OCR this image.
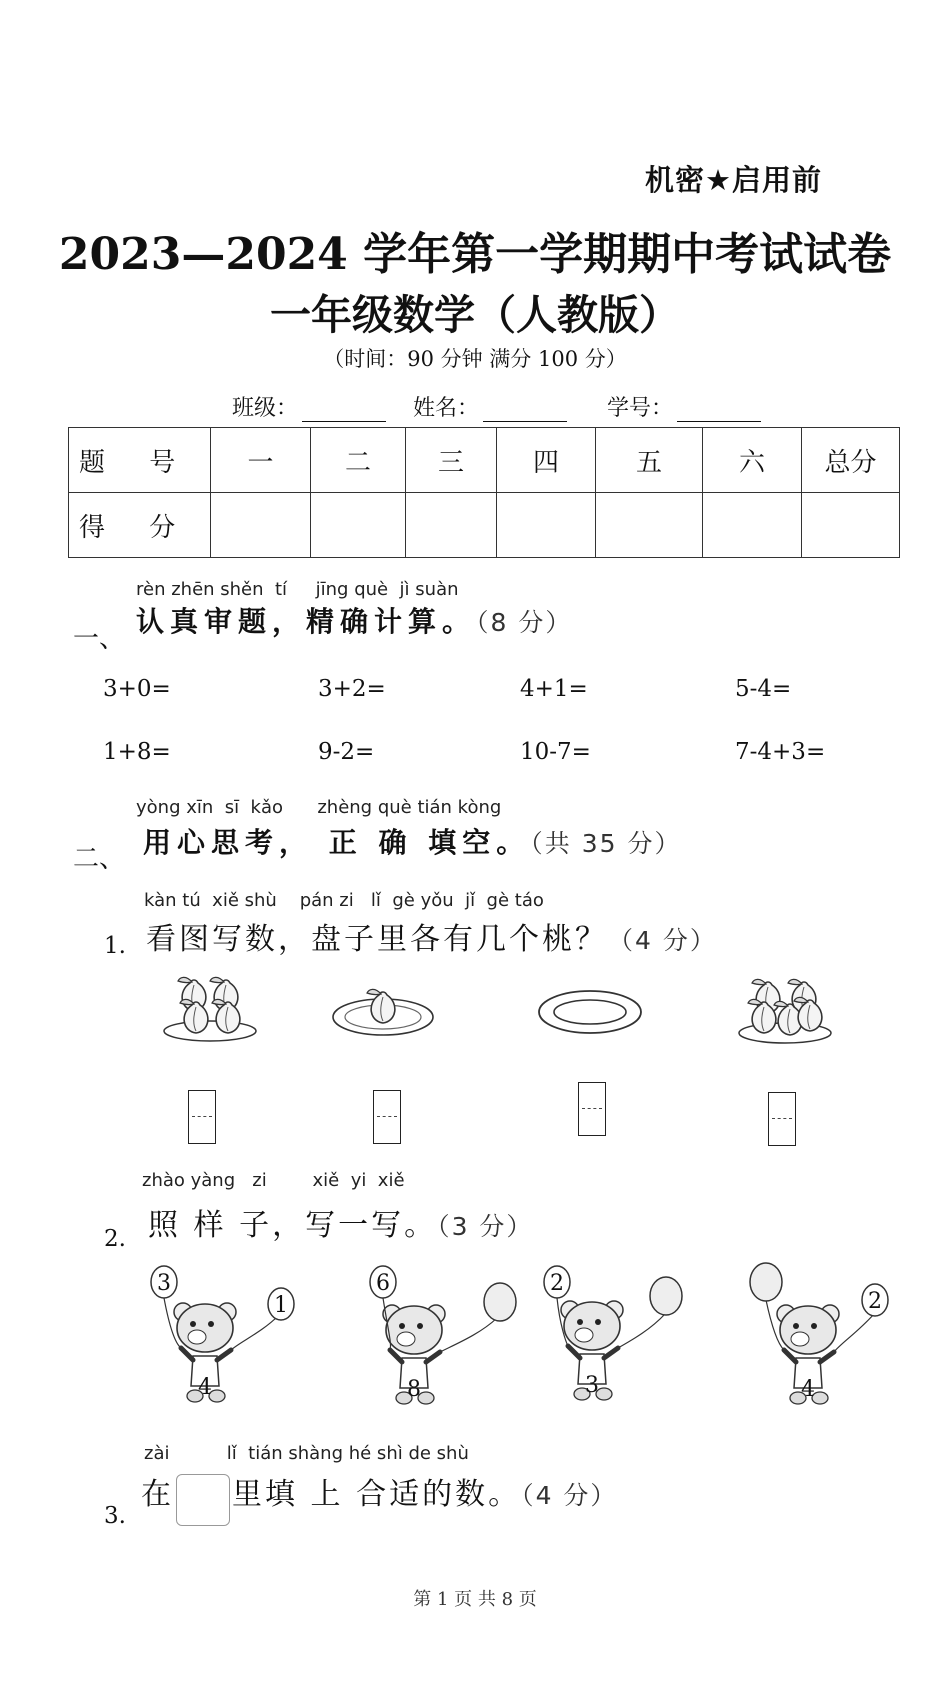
机密★启用前
2023—2024 学年第一学期期中考试试卷
一年级数学（人教版）
（时间：90 分钟 满分 100 分）
班级：	姓名：	学号：
题 号	一	二	三	四	五	六	总分
得 分							
rèn zhēn shěn  tí     jīng què  jì suàn
一、
认真审题，精确计算。（8 分）
3+0=	3+2=	4+1=	5-4=
1+8=	9-2=	10-7=	7-4+3=
yòng xīn  sī  kǎo      zhèng què tián kòng
二、 用心思考， 正 确 填空。（共 35 分）
kàn tú  xiě shù    pán zi   lǐ  gè yǒu  jǐ  gè táo
1. 看图写数，盘子里各有几个桃？（4 分）
zhào yàng   zi        xiě  yi  xiě
2. 照 样 子，写一写。（3 分）
3
1
4
6
8
2
3
2
4
zài          lǐ  tián shàng hé shì de shù
3.
在 里填 上 合适的数。（4 分）
第 1 页 共 8 页
